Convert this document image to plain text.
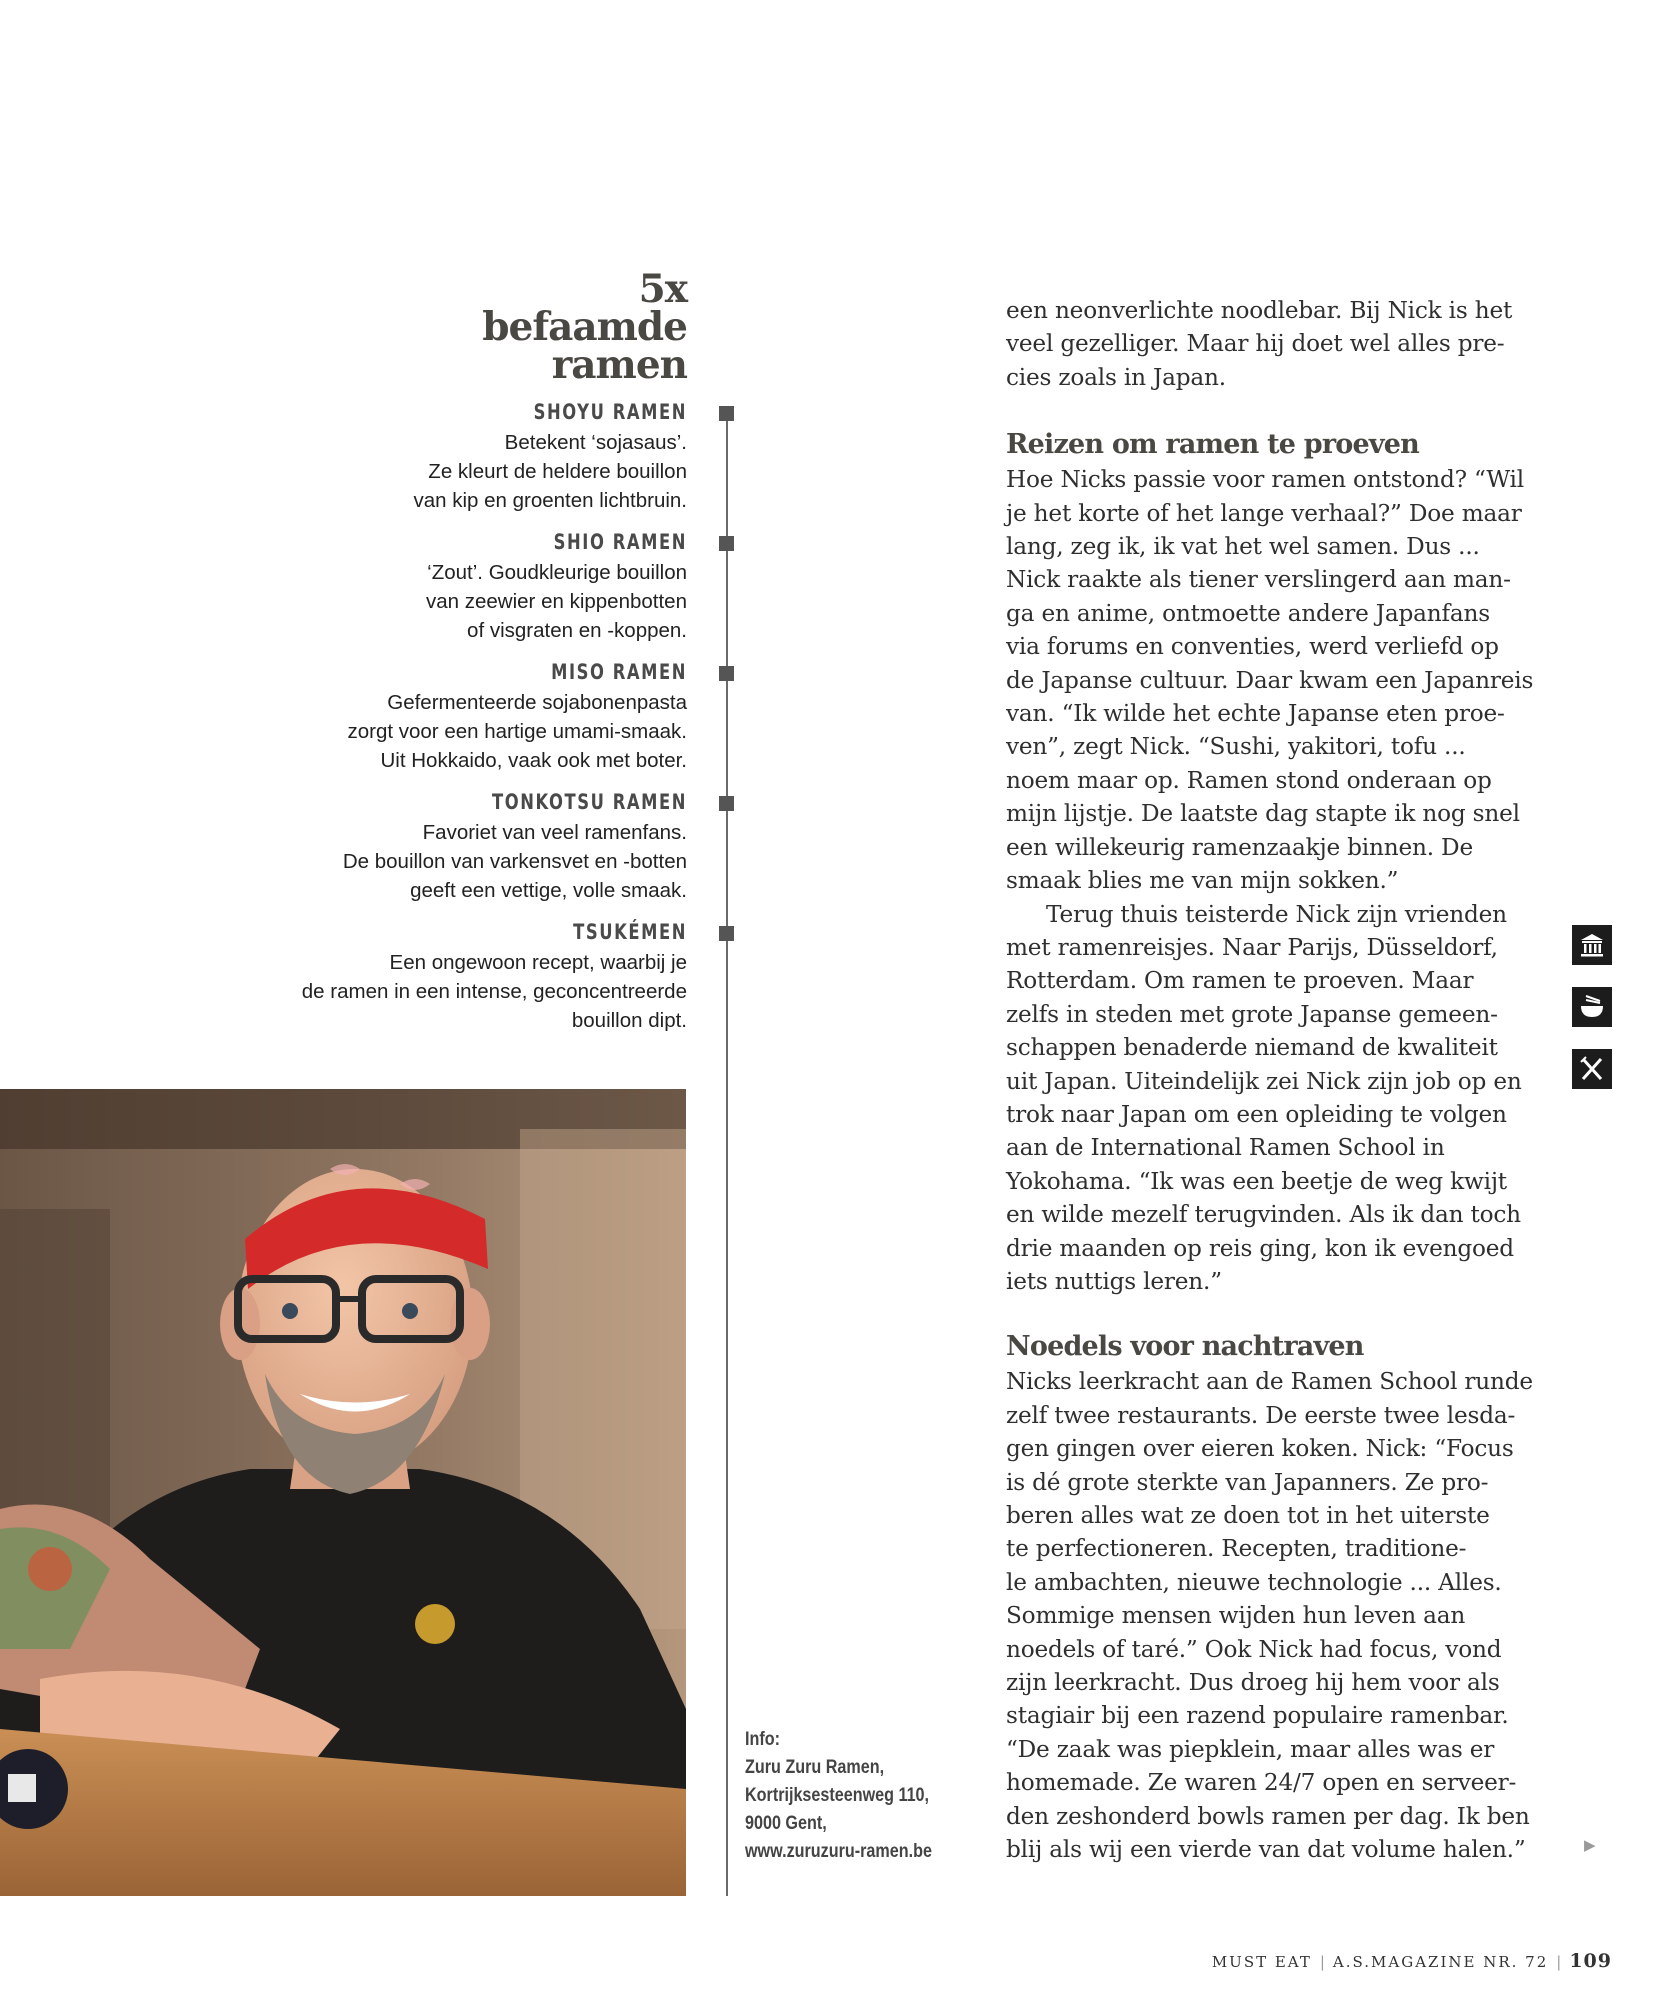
5x
befaamde
ramen
SHOYU RAMEN
Betekent ‘sojasaus’.
Ze kleurt de heldere bouillon
van kip en groenten lichtbruin.
SHIO RAMEN
‘Zout’. Goudkleurige bouillon
van zeewier en kippenbotten
of visgraten en -koppen.
MISO RAMEN
Gefermenteerde sojabonenpasta
zorgt voor een hartige umami-smaak.
Uit Hokkaido, vaak ook met boter.
TONKOTSU RAMEN
Favoriet van veel ramenfans.
De bouillon van varkensvet en -botten
geeft een vettige, volle smaak.
TSUKÉMEN
Een ongewoon recept, waarbij je
de ramen in een intense, geconcentreerde
bouillon dipt.
Info:
Zuru Zuru Ramen,
Kortrijksesteenweg 110,
9000 Gent,
www.zuruzuru-ramen.be

een neonverlichte noodlebar. Bij Nick is het
veel gezelliger. Maar hij doet wel alles pre-
cies zoals in Japan.

Reizen om ramen te proeven

Hoe Nicks passie voor ramen ontstond? “Wil
je het korte of het lange verhaal?” Doe maar
lang, zeg ik, ik vat het wel samen. Dus ...
Nick raakte als tiener verslingerd aan man-
ga en anime, ontmoette andere Japanfans
via forums en conventies, werd verliefd op
de Japanse cultuur. Daar kwam een Japanreis
van. “Ik wilde het echte Japanse eten proe-
ven”, zegt Nick. “Sushi, yakitori, tofu ...
noem maar op. Ramen stond onderaan op
mijn lijstje. De laatste dag stapte ik nog snel
een willekeurig ramenzaakje binnen. De
smaak blies me van mijn sokken.”

Terug thuis teisterde Nick zijn vrienden
met ramenreisjes. Naar Parijs, Düsseldorf,
Rotterdam. Om ramen te proeven. Maar
zelfs in steden met grote Japanse gemeen-
schappen benaderde niemand de kwaliteit
uit Japan. Uiteindelijk zei Nick zijn job op en
trok naar Japan om een opleiding te volgen
aan de International Ramen School in
Yokohama. “Ik was een beetje de weg kwijt
en wilde mezelf terugvinden. Als ik dan toch
drie maanden op reis ging, kon ik evengoed
iets nuttigs leren.”

Noedels voor nachtraven

Nicks leerkracht aan de Ramen School runde
zelf twee restaurants. De eerste twee lesda-
gen gingen over eieren koken. Nick: “Focus
is dé grote sterkte van Japanners. Ze pro-
beren alles wat ze doen tot in het uiterste
te perfectioneren. Recepten, traditione-
le ambachten, nieuwe technologie ... Alles.
Sommige mensen wijden hun leven aan
noedels of taré.” Ook Nick had focus, vond
zijn leerkracht. Dus droeg hij hem voor als
stagiair bij een razend populaire ramenbar.
“De zaak was piepklein, maar alles was er
homemade. Ze waren 24/7 open en serveer-
den zeshonderd bowls ramen per dag. Ik ben
blij als wij een vierde van dat volume halen.”	▶
MUST EAT | A.S.MAGAZINE NR. 72 | 109
